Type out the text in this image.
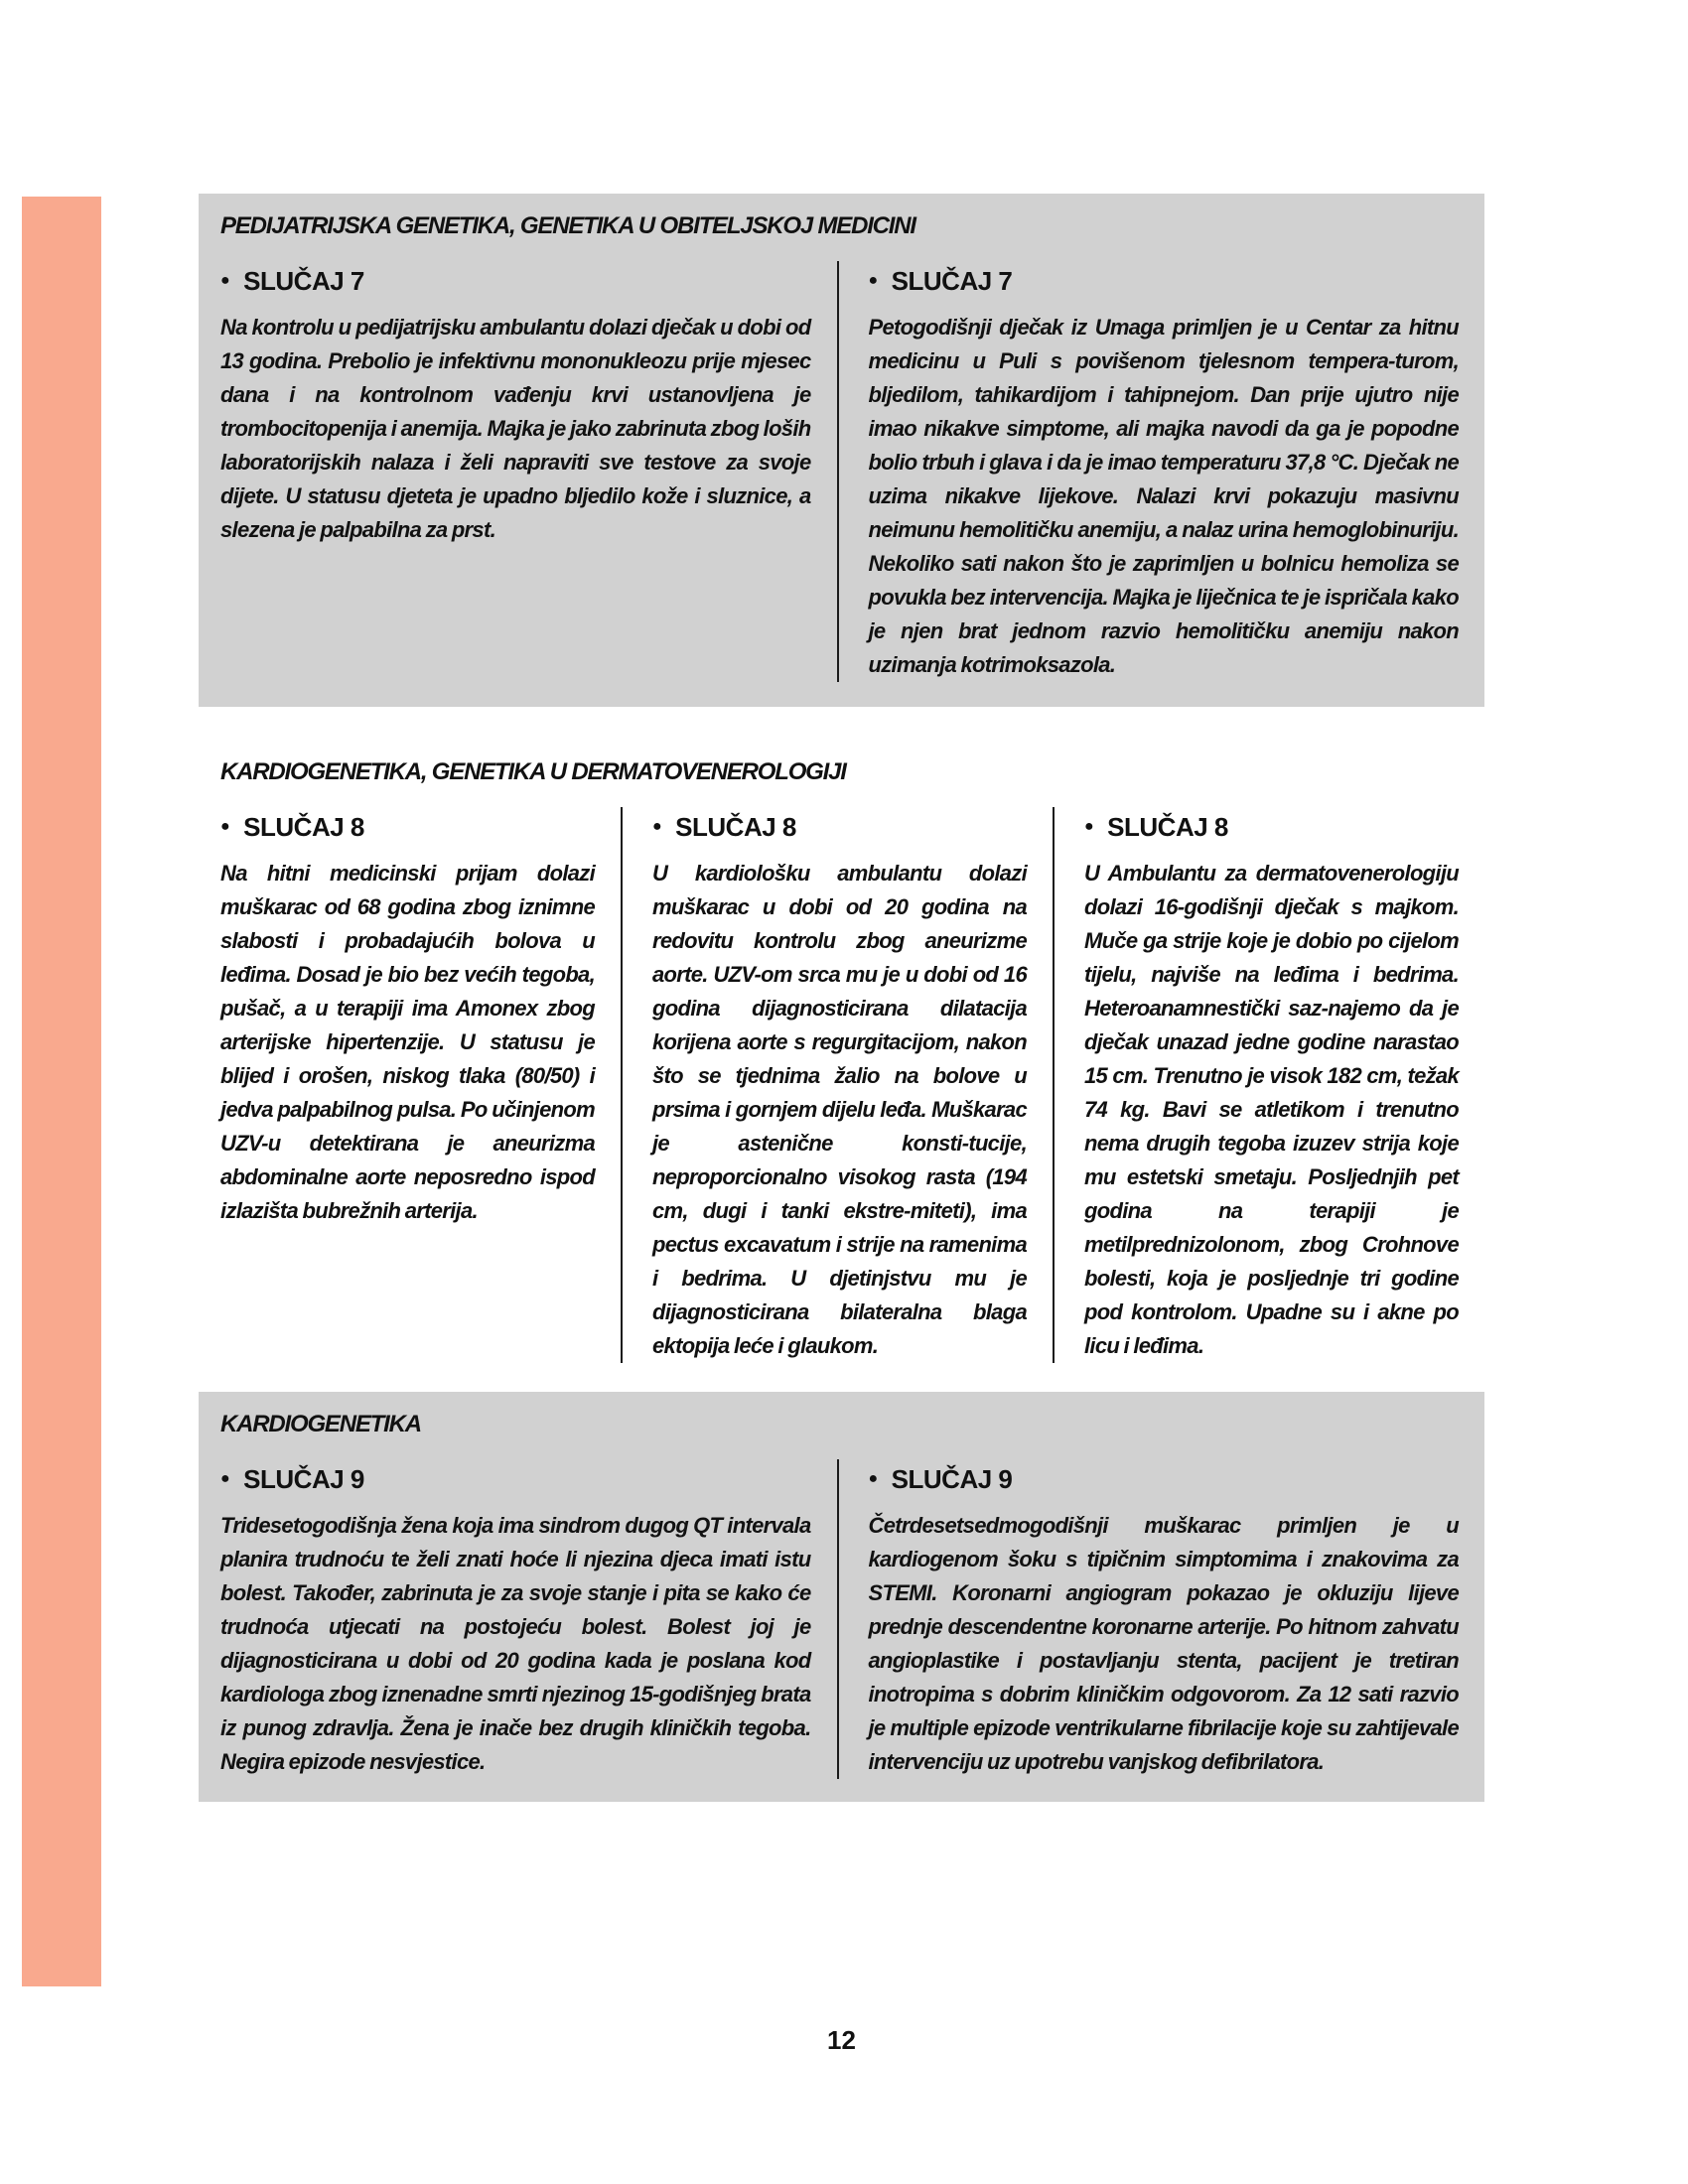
PEDIJATRIJSKA GENETIKA, GENETIKA U OBITELJSKOJ MEDICINI
● SLUČAJ 7

Na kontrolu u pedijatrijsku ambulantu dolazi dječak u dobi od 13 godina. Prebolio je infektivnu mononukleozu prije mjesec dana i na kontrolnom vađenju krvi ustanovljena je trombocitopenija i anemija. Majka je jako zabrinuta zbog loših laboratorijskih nalaza i želi napraviti sve testove za svoje dijete. U statusu djeteta je upadno bljedilo kože i sluznice, a slezena je palpabilna za prst.

● SLUČAJ 7

Petogodišnji dječak iz Umaga primljen je u Centar za hitnu medicinu u Puli s povišenom tjelesnom tempera-turom, bljedilom, tahikardijom i tahipnejom. Dan prije ujutro nije imao nikakve simptome, ali majka navodi da ga je popodne bolio trbuh i glava i da je imao temperaturu 37,8 °C. Dječak ne uzima nikakve lijekove. Nalazi krvi pokazuju masivnu neimunu hemolitičku anemiju, a nalaz urina hemoglobinuriju. Nekoliko sati nakon što je zaprimljen u bolnicu hemoliza se povukla bez intervencija. Majka je liječnica te je ispričala kako je njen brat jednom razvio hemolitičku anemiju nakon uzimanja kotrimoksazola.

KARDIOGENETIKA, GENETIKA U DERMATOVENEROLOGIJI
● SLUČAJ 8

Na hitni medicinski prijam dolazi muškarac od 68 godina zbog iznimne slabosti i probadajućih bolova u leđima. Dosad je bio bez većih tegoba, pušač, a u terapiji ima Amonex zbog arterijske hipertenzije. U statusu je blijed i orošen, niskog tlaka (80/50) i jedva palpabilnog pulsa. Po učinjenom UZV-u detektirana je aneurizma abdominalne aorte neposredno ispod izlazišta bubrežnih arterija.

● SLUČAJ 8

U kardiološku ambulantu dolazi muškarac u dobi od 20 godina na redovitu kontrolu zbog aneurizme aorte. UZV-om srca mu je u dobi od 16 godina dijagnosticirana dilatacija korijena aorte s regurgitacijom, nakon što se tjednima žalio na bolove u prsima i gornjem dijelu leđa. Muškarac je astenične konsti-tucije, neproporcionalno visokog rasta (194 cm, dugi i tanki ekstre-miteti), ima pectus excavatum i strije na ramenima i bedrima. U djetinjstvu mu je dijagnosticirana bilateralna blaga ektopija leće i glaukom.

● SLUČAJ 8

U Ambulantu za dermatovenerologiju dolazi 16-godišnji dječak s majkom. Muče ga strije koje je dobio po cijelom tijelu, najviše na leđima i bedrima. Heteroanamnestički saz-najemo da je dječak unazad jedne godine narastao 15 cm. Trenutno je visok 182 cm, težak 74 kg. Bavi se atletikom i trenutno nema drugih tegoba izuzev strija koje mu estetski smetaju. Posljednjih pet godina na terapiji je metilprednizolonom, zbog Crohnove bolesti, koja je posljednje tri godine pod kontrolom. Upadne su i akne po licu i leđima.

KARDIOGENETIKA
● SLUČAJ 9

Tridesetogodišnja žena koja ima sindrom dugog QT intervala planira trudnoću te želi znati hoće li njezina djeca imati istu bolest. Također, zabrinuta je za svoje stanje i pita se kako će trudnoća utjecati na postojeću bolest. Bolest joj je dijagnosticirana u dobi od 20 godina kada je poslana kod kardiologa zbog iznenadne smrti njezinog 15-godišnjeg brata iz punog zdravlja. Žena je inače bez drugih kliničkih tegoba. Negira epizode nesvjestice.

● SLUČAJ 9

Četrdesetsedmogodišnji muškarac primljen je u kardiogenom šoku s tipičnim simptomima i znakovima za STEMI. Koronarni angiogram pokazao je okluziju lijeve prednje descendentne koronarne arterije. Po hitnom zahvatu angioplastike i postavljanju stenta, pacijent je tretiran inotropima s dobrim kliničkim odgovorom. Za 12 sati razvio je multiple epizode ventrikularne fibrilacije koje su zahtijevale intervenciju uz upotrebu vanjskog defibrilatora.

12
